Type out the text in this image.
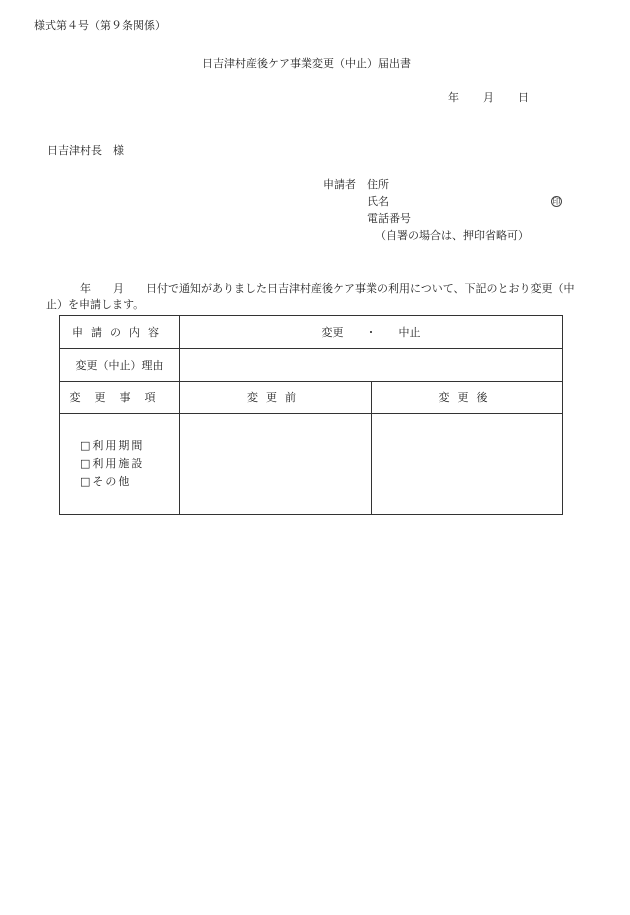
様式第４号（第９条関係）
日吉津村産後ケア事業変更（中止）届出書
年 月 日
日吉津村長　様
申請者 住所
氏名	印
電話番号
（自署の場合は、押印省略可）
年　　月　　日付で通知がありました日吉津村産後ケア事業の利用について、下記のとおり変更（中
止）を申請します。
申請の内容	変更　　・　　中止	
変更（中止）理由		
変更事項	変更前	変更後

□利用期間
□利用施設
□その他		
